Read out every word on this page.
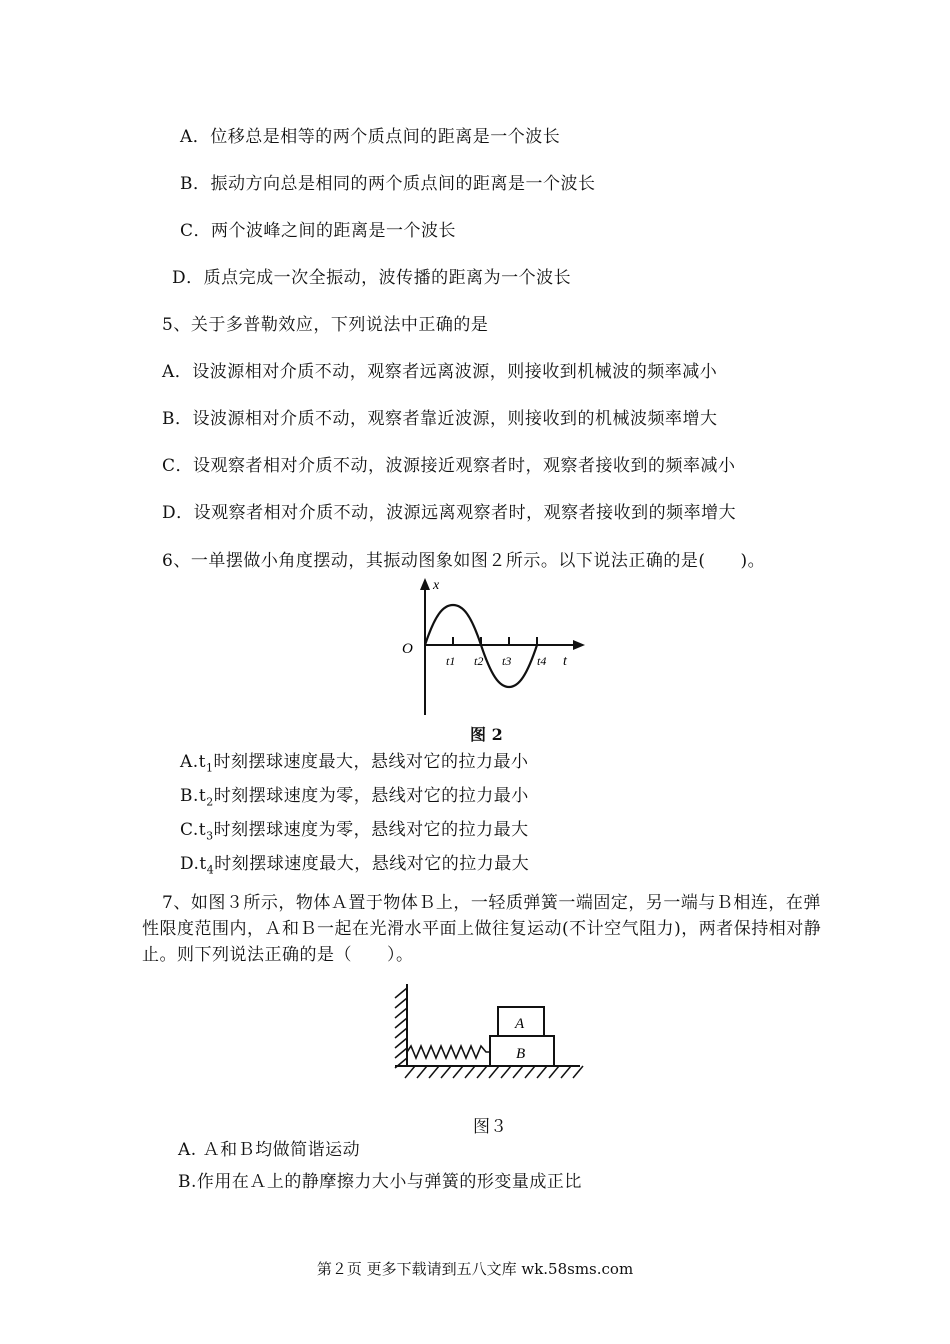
A．位移总是相等的两个质点间的距离是一个波长
B．振动方向总是相同的两个质点间的距离是一个波长
C．两个波峰之间的距离是一个波长
D．质点完成一次全振动，波传播的距离为一个波长
5、关于多普勒效应，下列说法中正确的是
A．设波源相对介质不动，观察者远离波源，则接收到机械波的频率减小
B．设波源相对介质不动，观察者靠近波源，则接收到的机械波频率增大
C．设观察者相对介质不动，波源接近观察者时，观察者接收到的频率减小
D．设观察者相对介质不动，波源远离观察者时，观察者接收到的频率增大
6、一单摆做小角度摆动，其振动图象如图２所示。以下说法正确的是(　　)。
x
O
t1 t2 t3 t4 t
图 2
$A.t_1$时刻摆球速度最大，悬线对它的拉力最小
$B.t_2$时刻摆球速度为零，悬线对它的拉力最小
$C.t_3$时刻摆球速度为零，悬线对它的拉力最大
$D.t_4$时刻摆球速度最大，悬线对它的拉力最大
7、如图３所示，物体Ａ置于物体Ｂ上，一轻质弹簧一端固定，另一端与Ｂ相连，在弹性限度范围内，Ａ和Ｂ一起在光滑水平面上做往复运动(不计空气阻力)，两者保持相对静止。则下列说法正确的是（　　）。
A
B
图３
A. Ａ和Ｂ均做简谐运动
B.作用在Ａ上的静摩擦力大小与弹簧的形变量成正比
第２页 更多下载请到五八文库 wk.58sms.com
